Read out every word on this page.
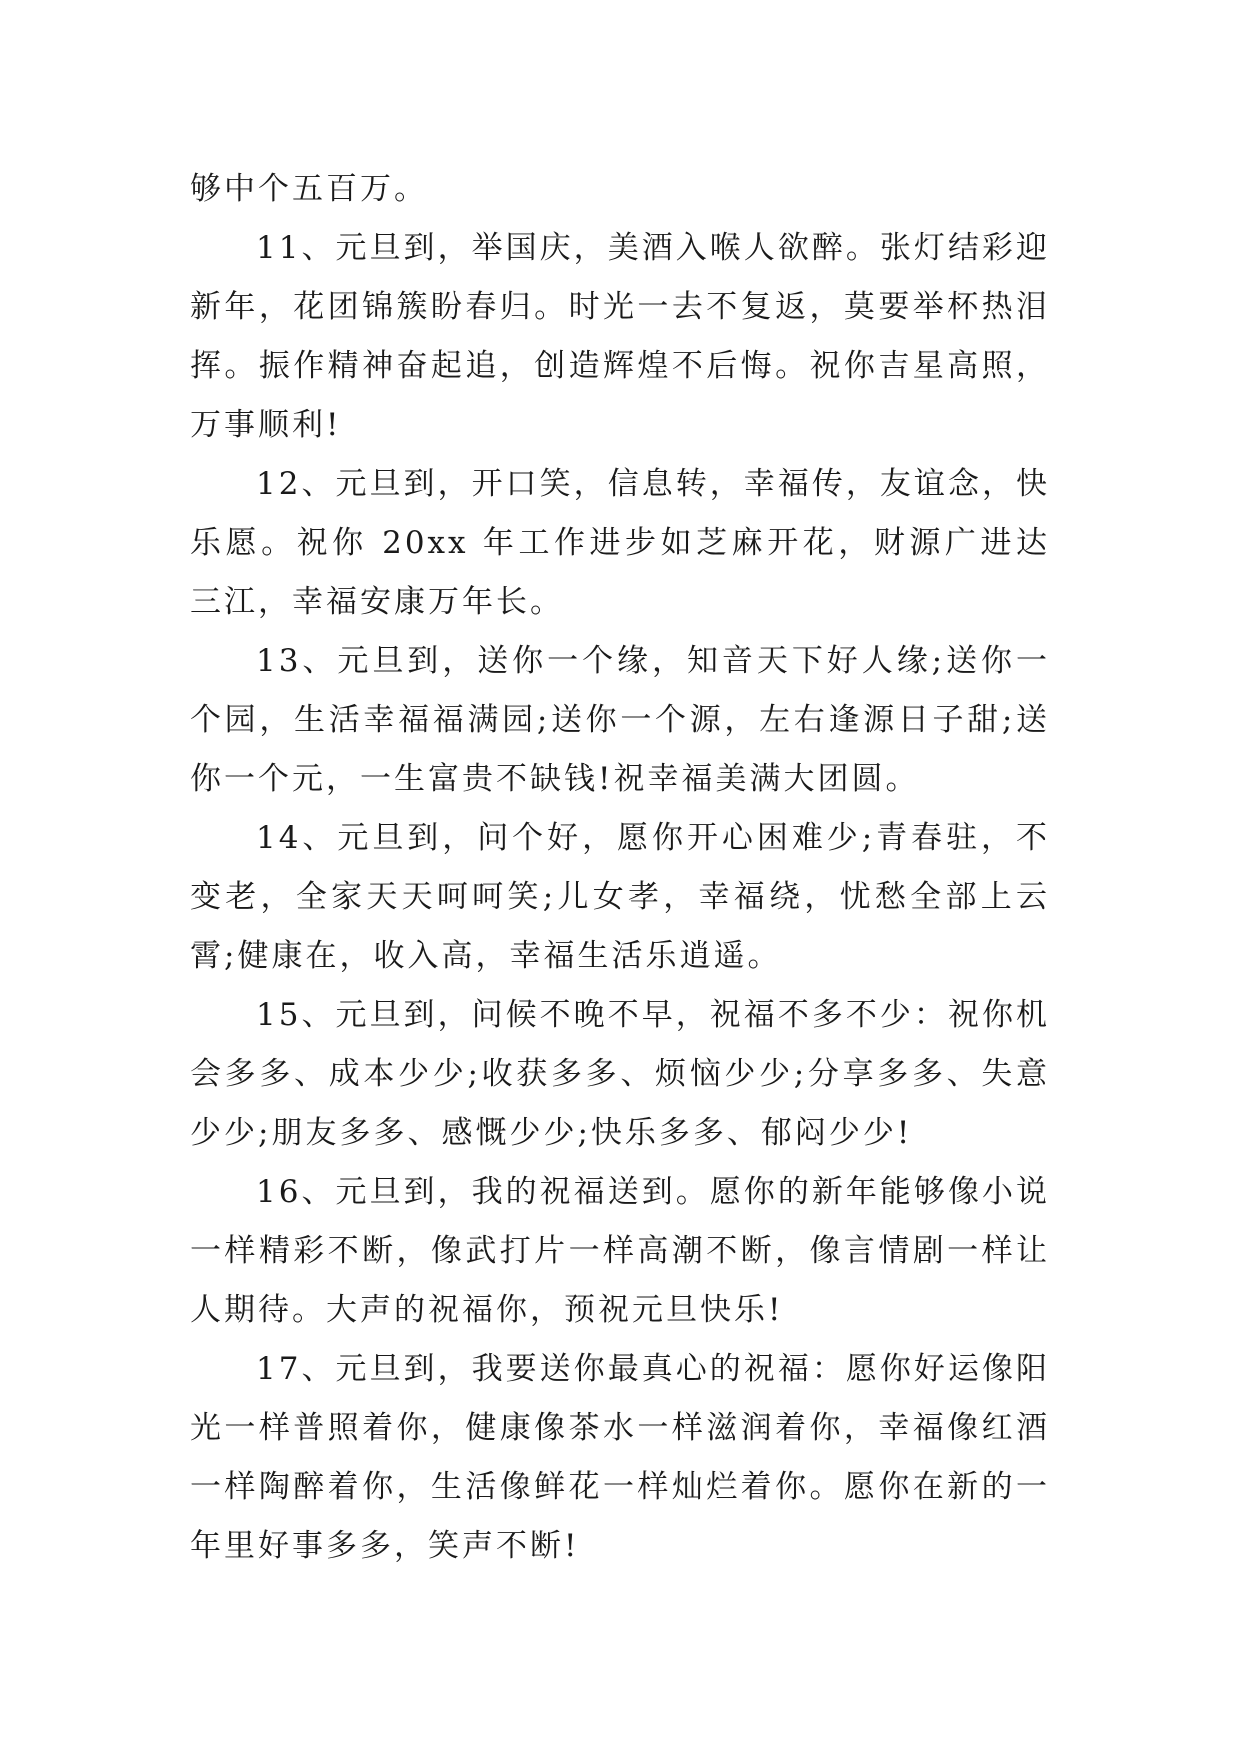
够中个五百万。

11、元旦到，举国庆，美酒入喉人欲醉。张灯结彩迎新年，花团锦簇盼春归。时光一去不复返，莫要举杯热泪挥。振作精神奋起追，创造辉煌不后悔。祝你吉星高照，万事顺利!

12、元旦到，开口笑，信息转，幸福传，友谊念，快乐愿。祝你 20xx 年工作进步如芝麻开花，财源广进达三江，幸福安康万年长。

13、元旦到，送你一个缘，知音天下好人缘;送你一个园，生活幸福福满园;送你一个源，左右逢源日子甜;送你一个元，一生富贵不缺钱!祝幸福美满大团圆。

14、元旦到，问个好，愿你开心困难少;青春驻，不变老，全家天天呵呵笑;儿女孝，幸福绕，忧愁全部上云霄;健康在，收入高，幸福生活乐逍遥。

15、元旦到，问候不晚不早，祝福不多不少：祝你机会多多、成本少少;收获多多、烦恼少少;分享多多、失意少少;朋友多多、感慨少少;快乐多多、郁闷少少!

16、元旦到，我的祝福送到。愿你的新年能够像小说一样精彩不断，像武打片一样高潮不断，像言情剧一样让人期待。大声的祝福你，预祝元旦快乐!

17、元旦到，我要送你最真心的祝福：愿你好运像阳光一样普照着你，健康像茶水一样滋润着你，幸福像红酒一样陶醉着你，生活像鲜花一样灿烂着你。愿你在新的一年里好事多多，笑声不断!
